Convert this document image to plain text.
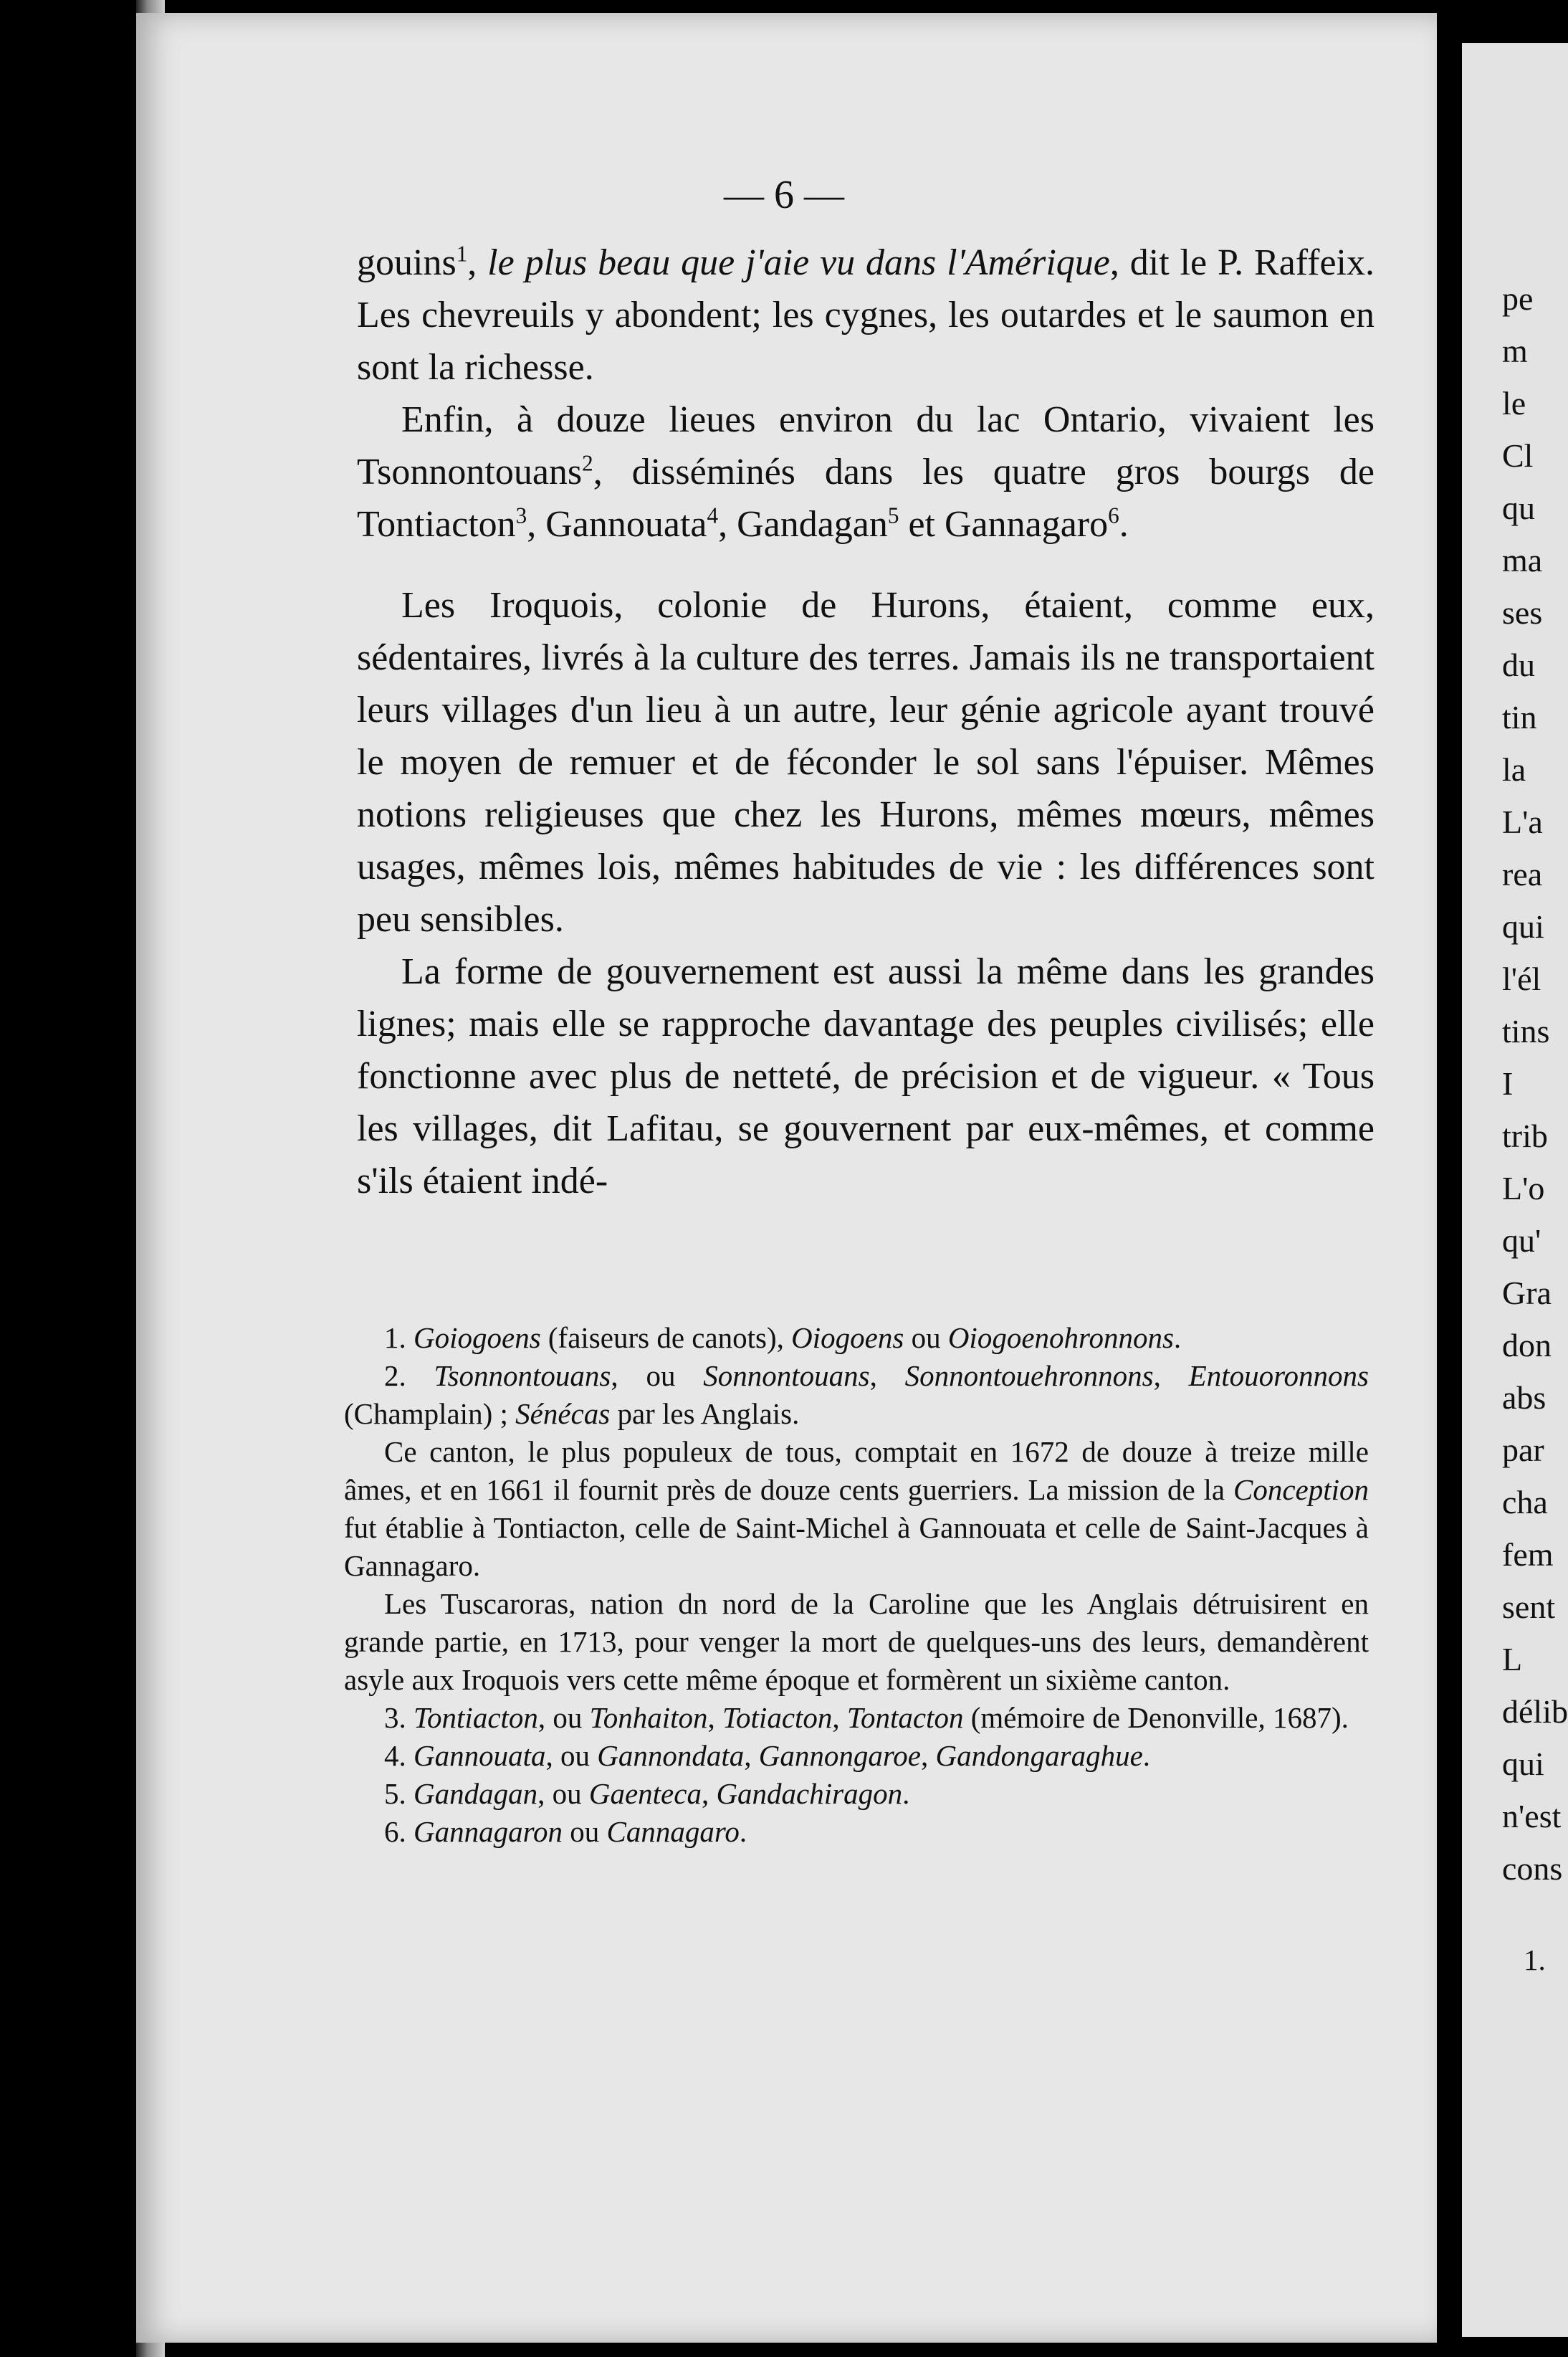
— 6 —

gouins$^1$, le plus beau que j'aie vu dans l'Amérique, dit le P. Raffeix. Les chevreuils y abondent; les cygnes, les outardes et le saumon en sont la richesse.

Enfin, à douze lieues environ du lac Ontario, vivaient les Tsonnontouans$^2$, disséminés dans les quatre gros bourgs de Tontiacton$^3$, Gannouata$^4$, Gandagan$^5$ et Gannagaro$^6$.

Les Iroquois, colonie de Hurons, étaient, comme eux, sédentaires, livrés à la culture des terres. Jamais ils ne transportaient leurs villages d'un lieu à un autre, leur génie agricole ayant trouvé le moyen de remuer et de féconder le sol sans l'épuiser. Mêmes notions religieuses que chez les Hurons, mêmes mœurs, mêmes usages, mêmes lois, mêmes habitudes de vie : les différences sont peu sensibles.

La forme de gouvernement est aussi la même dans les grandes lignes; mais elle se rapproche davantage des peuples civilisés; elle fonctionne avec plus de netteté, de précision et de vigueur. « Tous les villages, dit Lafitau, se gouvernent par eux-mêmes, et comme s'ils étaient indé-

1. Goiogoens (faiseurs de canots), Oiogoens ou Oiogoenohronnons.

2. Tsonnontouans, ou Sonnontouans, Sonnontouehronnons, Entouoronnons (Champlain) ; Sénécas par les Anglais.

Ce canton, le plus populeux de tous, comptait en 1672 de douze à treize mille âmes, et en 1661 il fournit près de douze cents guerriers. La mission de la Conception fut établie à Tontiacton, celle de Saint-Michel à Gannouata et celle de Saint-Jacques à Gannagaro.

Les Tuscaroras, nation dn nord de la Caroline que les Anglais détruisirent en grande partie, en 1713, pour venger la mort de quelques-uns des leurs, demandèrent asyle aux Iroquois vers cette même époque et formèrent un sixième canton.

3. Tontiacton, ou Tonhaiton, Totiacton, Tontacton (mémoire de Denonville, 1687).

4. Gannouata, ou Gannondata, Gannongaroe, Gandongaraghue.

5. Gandagan, ou Gaenteca, Gandachiragon.

6. Gannagaron ou Cannagaro.

pe
m
le
Cl
qu
ma
ses
du
tin
la
L'a
rea
qui
l'él
tins
I
trib
L'o
qu'
Gra
don
abs
par
cha
fem
sent
L
délib
qui
n'est
cons
1.
